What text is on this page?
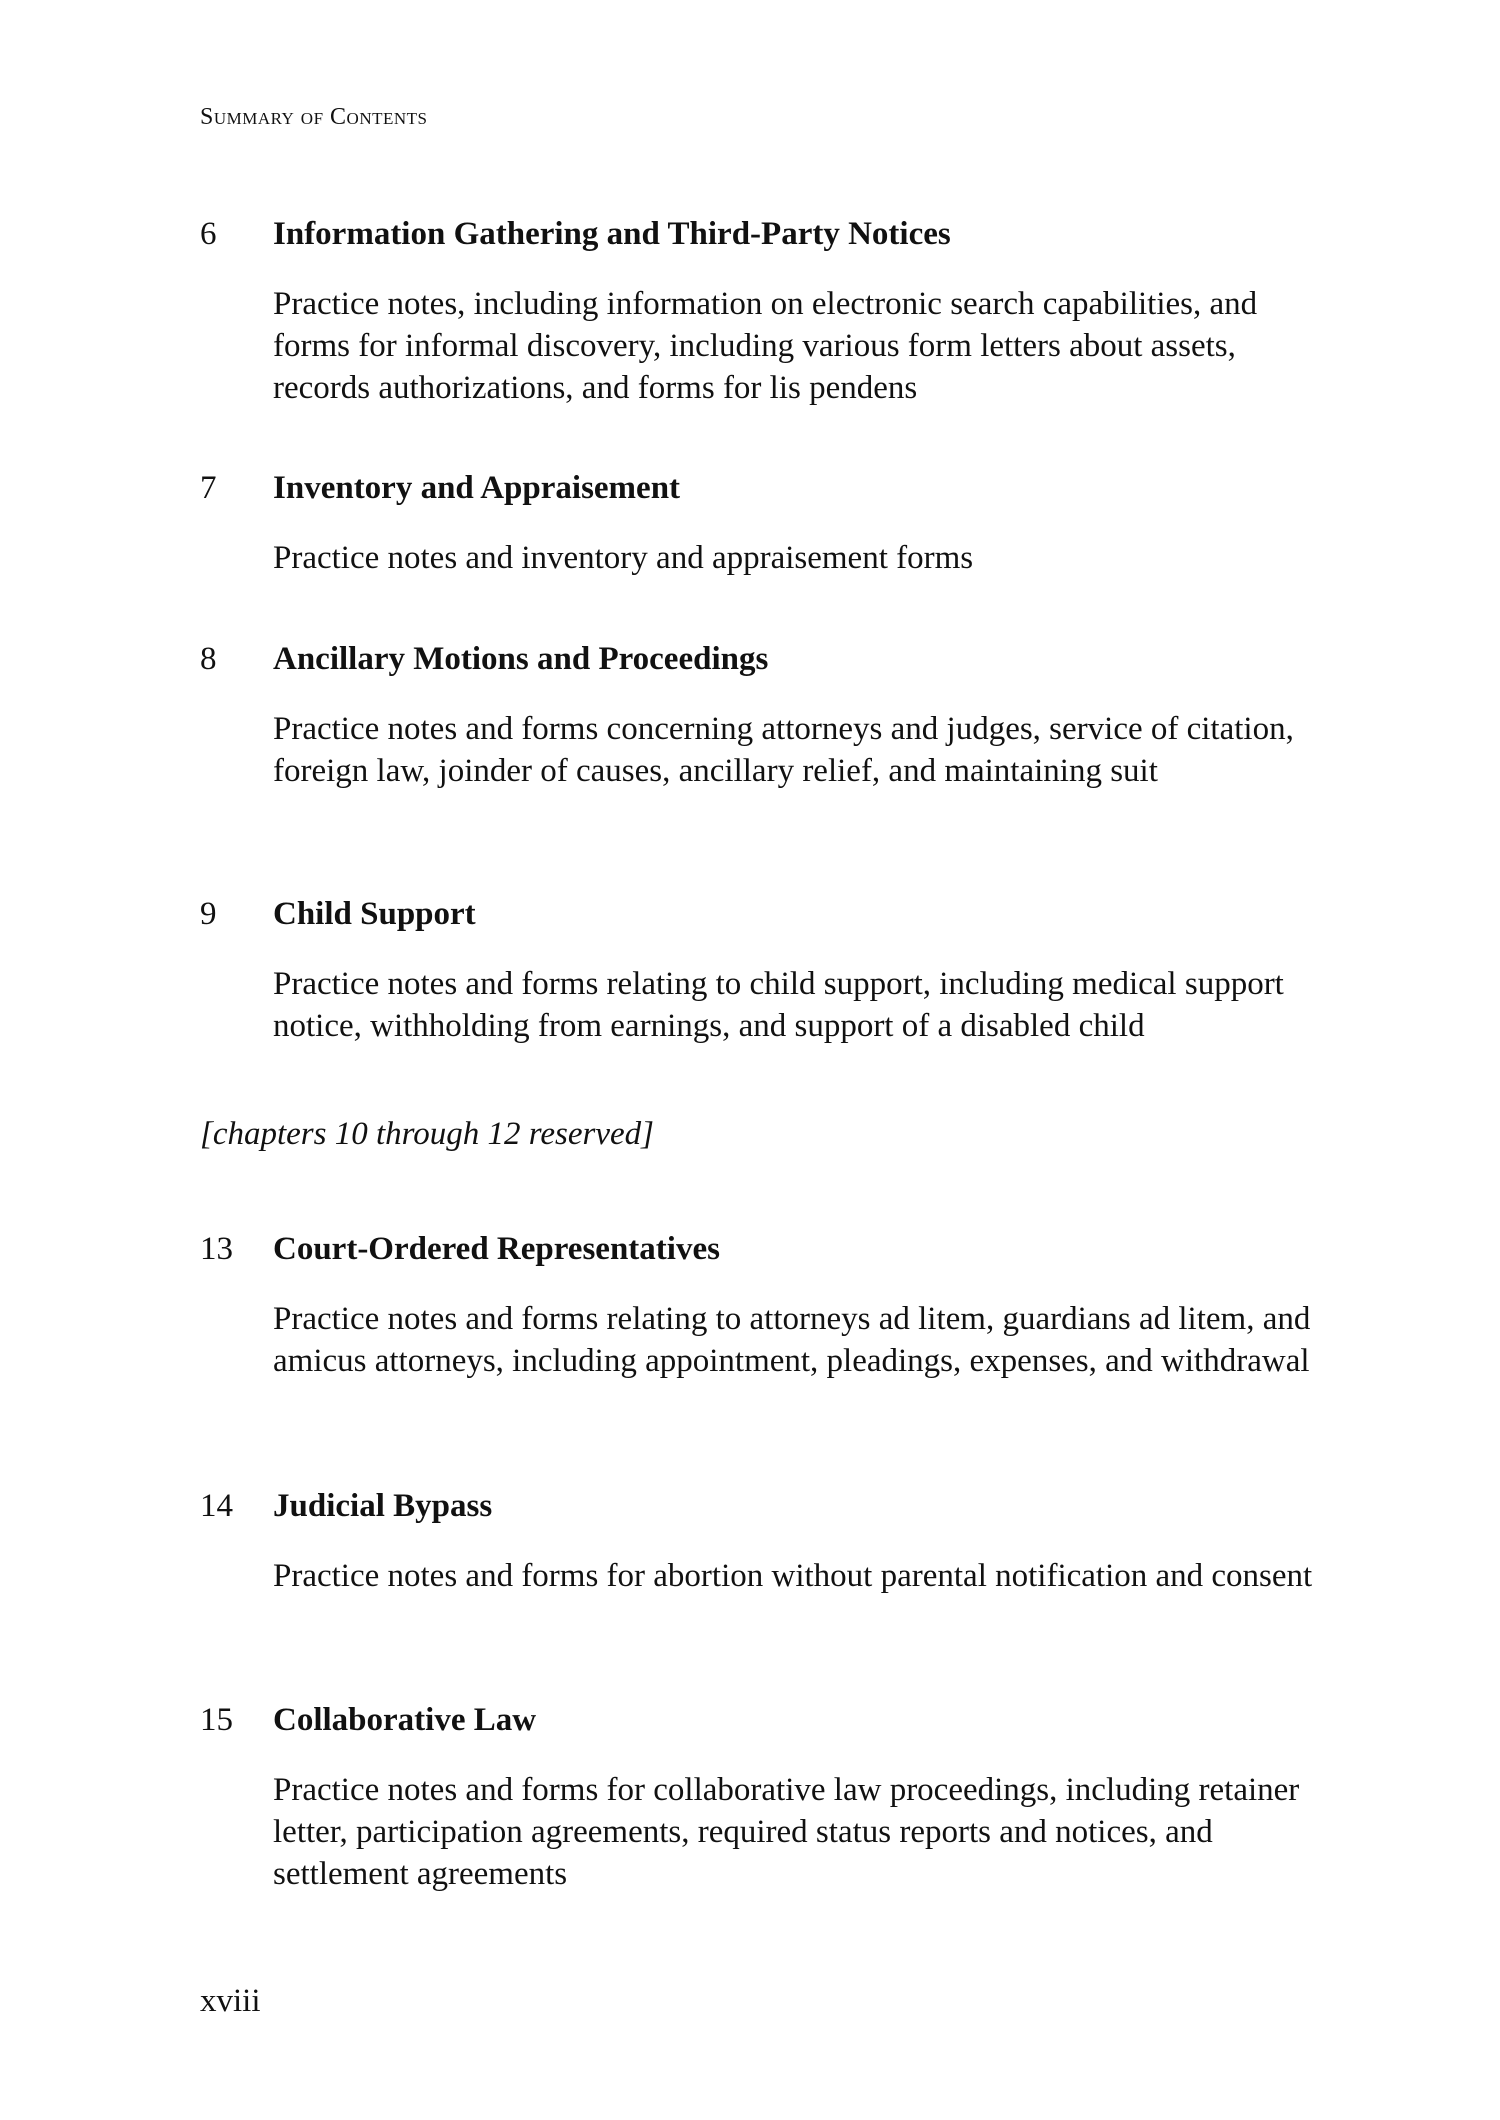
Summary of Contents
6 Information Gathering and Third-Party Notices
Practice notes, including information on electronic search capabilities, and forms for informal discovery, including various form letters about assets, records authorizations, and forms for lis pendens
7 Inventory and Appraisement
Practice notes and inventory and appraisement forms
8 Ancillary Motions and Proceedings
Practice notes and forms concerning attorneys and judges, service of citation, foreign law, joinder of causes, ancillary relief, and maintaining suit
9 Child Support
Practice notes and forms relating to child support, including medical support notice, withholding from earnings, and support of a disabled child
[chapters 10 through 12 reserved]
13 Court-Ordered Representatives
Practice notes and forms relating to attorneys ad litem, guardians ad litem, and amicus attorneys, including appointment, pleadings, expenses, and withdrawal
14 Judicial Bypass
Practice notes and forms for abortion without parental notification and consent
15 Collaborative Law
Practice notes and forms for collaborative law proceedings, including retainer letter, participation agreements, required status reports and notices, and settlement agreements
xviii
